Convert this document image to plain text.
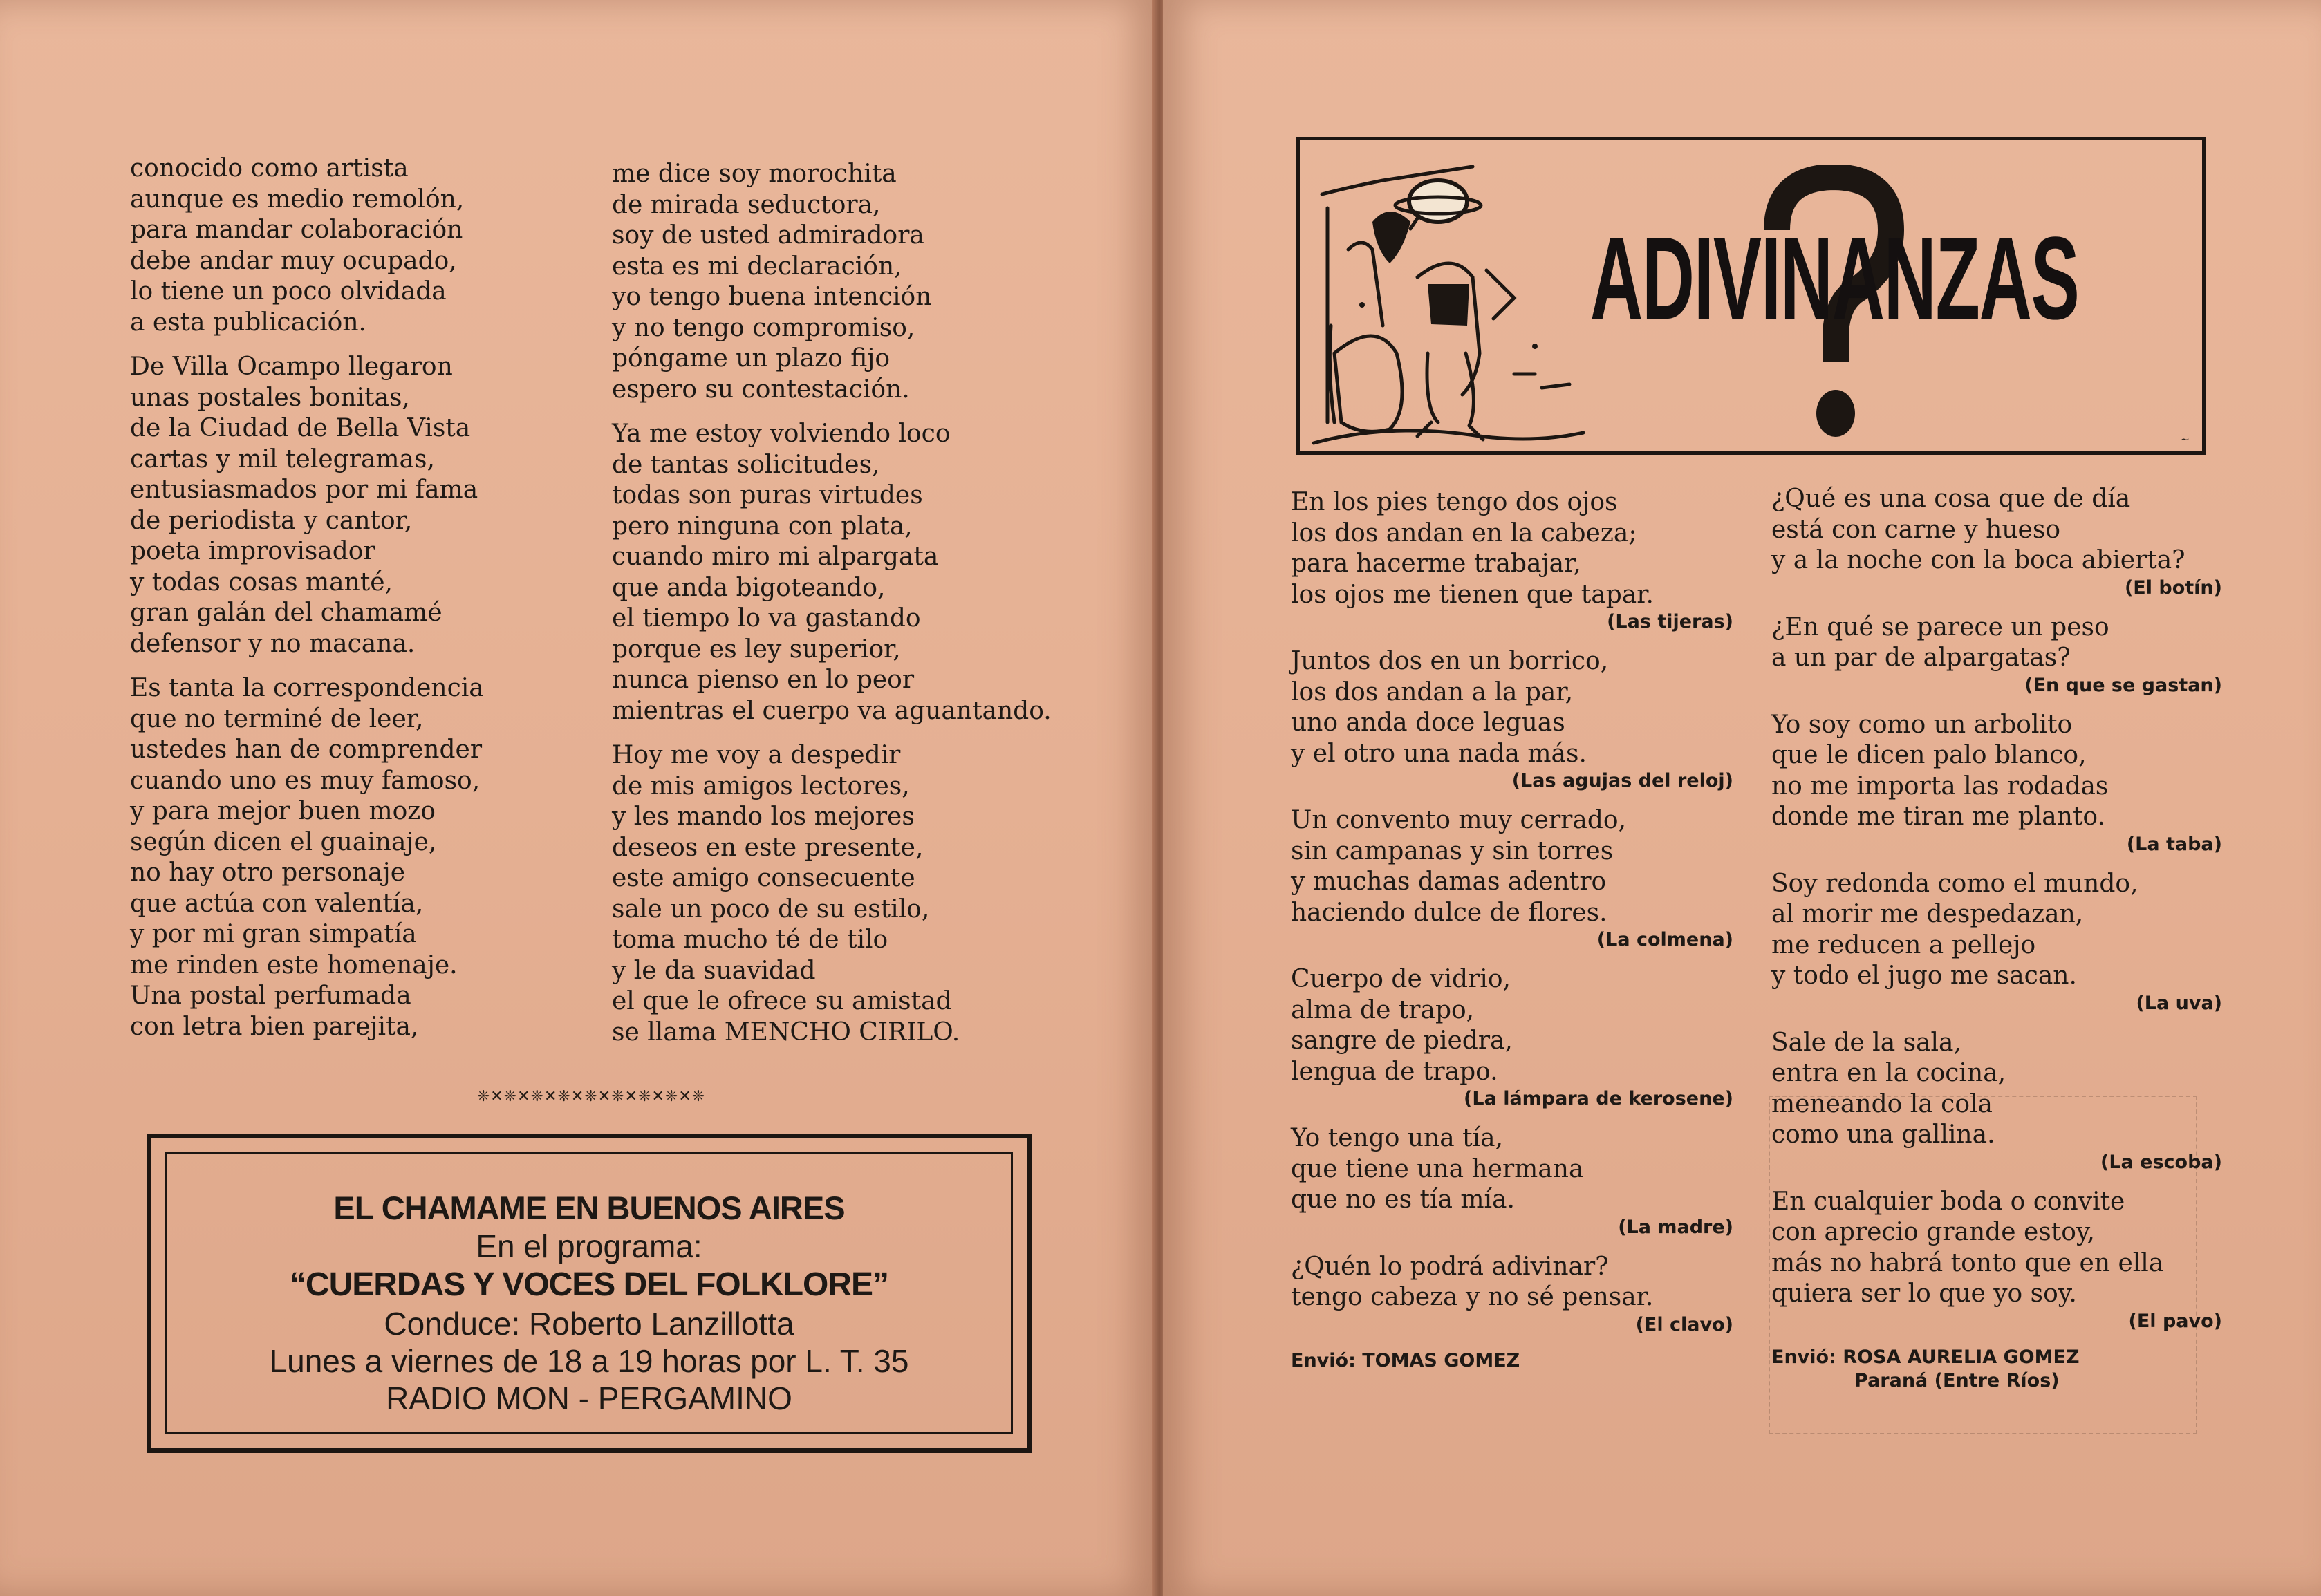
conocido como artista
aunque es medio remolón,
para mandar colaboración
debe andar muy ocupado,
lo tiene un poco olvidada
a esta publicación.

De Villa Ocampo llegaron
unas postales bonitas,
de la Ciudad de Bella Vista
cartas y mil telegramas,
entusiasmados por mi fama
de periodista y cantor,
poeta improvisador
y todas cosas manté,
gran galán del chamamé
defensor y no macana.

Es tanta la correspondencia
que no terminé de leer,
ustedes han de comprender
cuando uno es muy famoso,
y para mejor buen mozo
según dicen el guainaje,
no hay otro personaje
que actúa con valentía,
y por mi gran simpatía
me rinden este homenaje.
Una postal perfumada
con letra bien parejita,

me dice soy morochita
de mirada seductora,
soy de usted admiradora
esta es mi declaración,
yo tengo buena intención
y no tengo compromiso,
póngame un plazo fijo
espero su contestación.

Ya me estoy volviendo loco
de tantas solicitudes,
todas son puras virtudes
pero ninguna con plata,
cuando miro mi alpargata
que anda bigoteando,
el tiempo lo va gastando
porque es ley superior,
nunca pienso en lo peor
mientras el cuerpo va aguantando.

Hoy me voy a despedir
de mis amigos lectores,
y les mando los mejores
deseos en este presente,
este amigo consecuente
sale un poco de su estilo,
toma mucho té de tilo
y le da suavidad
el que le ofrece su amistad
se llama MENCHO CIRILO.

❈✕❈✕❈✕❈✕❈✕❈✕❈✕❈✕❈
EL CHAMAME EN BUENOS AIRES
En el programa:
“CUERDAS Y VOCES DEL FOLKLORE”
Conduce: Roberto Lanzillotta
Lunes a viernes de 18 a 19 horas por L. T. 35
RADIO MON - PERGAMINO
ADIVINANZAS
~
En los pies tengo dos ojos
los dos andan en la cabeza;
para hacerme trabajar,
los ojos me tienen que tapar.
(Las tijeras)
Juntos dos en un borrico,
los dos andan a la par,
uno anda doce leguas
y el otro una nada más.
(Las agujas del reloj)
Un convento muy cerrado,
sin campanas y sin torres
y muchas damas adentro
haciendo dulce de flores.
(La colmena)
Cuerpo de vidrio,
alma de trapo,
sangre de piedra,
lengua de trapo.
(La lámpara de kerosene)
Yo tengo una tía,
que tiene una hermana
que no es tía mía.
(La madre)
¿Quén lo podrá adivinar?
tengo cabeza y no sé pensar.
(El clavo)
Envió: TOMAS GOMEZ
¿Qué es una cosa que de día
está con carne y hueso
y a la noche con la boca abierta?
(El botín)
¿En qué se parece un peso
a un par de alpargatas?
(En que se gastan)
Yo soy como un arbolito
que le dicen palo blanco,
no me importa las rodadas
donde me tiran me planto.
(La taba)
Soy redonda como el mundo,
al morir me despedazan,
me reducen a pellejo
y todo el jugo me sacan.
(La uva)
Sale de la sala,
entra en la cocina,
meneando la cola
como una gallina.
(La escoba)
En cualquier boda o convite
con aprecio grande estoy,
más no habrá tonto que en ella
quiera ser lo que yo soy.
(El pavo)
Envió: ROSA AURELIA GOMEZ
Paraná (Entre Ríos)
